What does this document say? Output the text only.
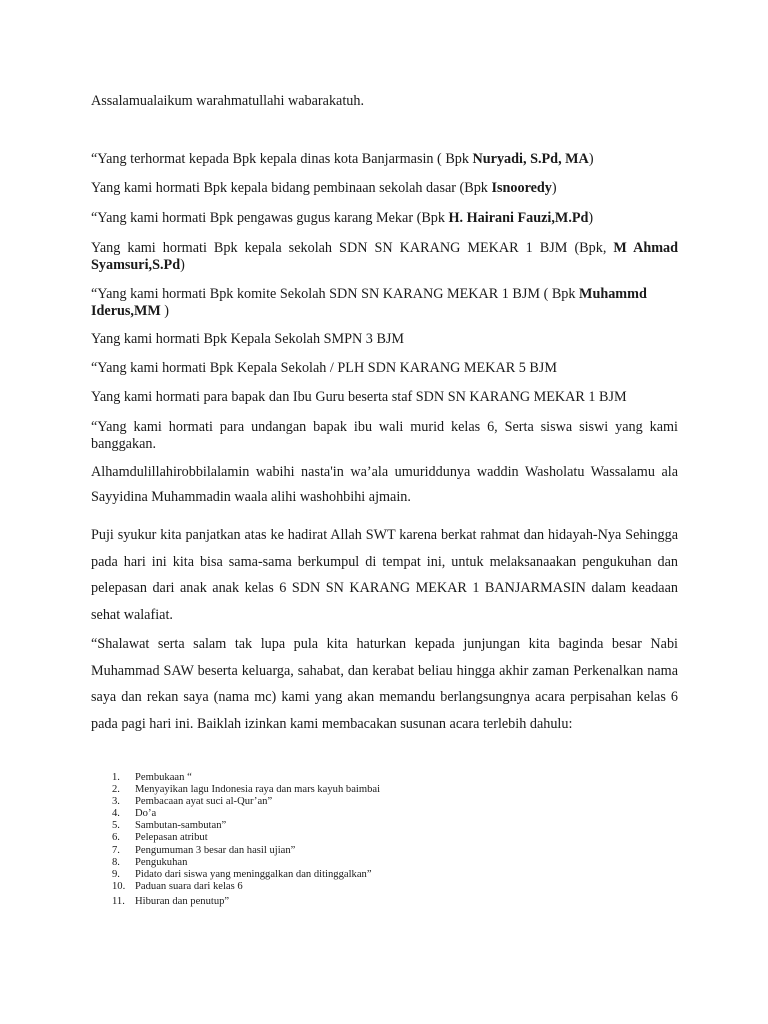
Assalamualaikum warahmatullahi wabarakatuh.

“Yang terhormat kepada Bpk kepala dinas kota Banjarmasin ( Bpk Nuryadi, S.Pd, MA)

Yang kami hormati Bpk kepala bidang pembinaan sekolah dasar (Bpk Isnooredy)

“Yang kami hormati Bpk pengawas gugus karang Mekar (Bpk H. Hairani Fauzi,M.Pd)

Yang kami hormati Bpk kepala sekolah SDN SN KARANG MEKAR 1 BJM (Bpk, M Ahmad Syamsuri,S.Pd)

“Yang kami hormati Bpk komite Sekolah SDN SN KARANG MEKAR 1 BJM ( Bpk Muhammd Iderus,MM )

Yang kami hormati Bpk Kepala Sekolah SMPN 3 BJM

“Yang kami hormati Bpk Kepala Sekolah / PLH SDN KARANG MEKAR 5 BJM

Yang kami hormati para bapak dan Ibu Guru beserta staf SDN SN KARANG MEKAR 1 BJM

“Yang kami hormati para undangan bapak ibu wali murid kelas 6, Serta siswa siswi yang kami banggakan.

Alhamdulillahirobbilalamin wabihi nasta'in wa’ala umuriddunya waddin Washolatu Wassalamu ala Sayyidina Muhammadin waala alihi washohbihi ajmain.

Puji syukur kita panjatkan atas ke hadirat Allah SWT karena berkat rahmat dan hidayah-Nya Sehingga pada hari ini kita bisa sama-sama berkumpul di tempat ini, untuk melaksanaakan pengukuhan dan pelepasan dari anak anak kelas 6 SDN SN KARANG MEKAR 1 BANJARMASIN dalam keadaan sehat walafiat.

“Shalawat serta salam tak lupa pula kita haturkan kepada junjungan kita baginda besar Nabi Muhammad SAW beserta keluarga, sahabat, dan kerabat beliau hingga akhir zaman Perkenalkan nama saya dan rekan saya (nama mc) kami yang akan memandu berlangsungnya acara perpisahan kelas 6 pada pagi hari ini. Baiklah izinkan kami membacakan susunan acara terlebih dahulu:

1. Pembukaan “
2. Menyayikan lagu Indonesia raya dan mars kayuh baimbai
3. Pembacaan ayat suci al-Qur’an”
4. Do’a
5. Sambutan-sambutan”
6. Pelepasan atribut
7. Pengumuman 3 besar dan hasil ujian”
8. Pengukuhan
9. Pidato dari siswa yang meninggalkan dan ditinggalkan”
10. Paduan suara dari kelas 6
11. Hiburan dan penutup”
